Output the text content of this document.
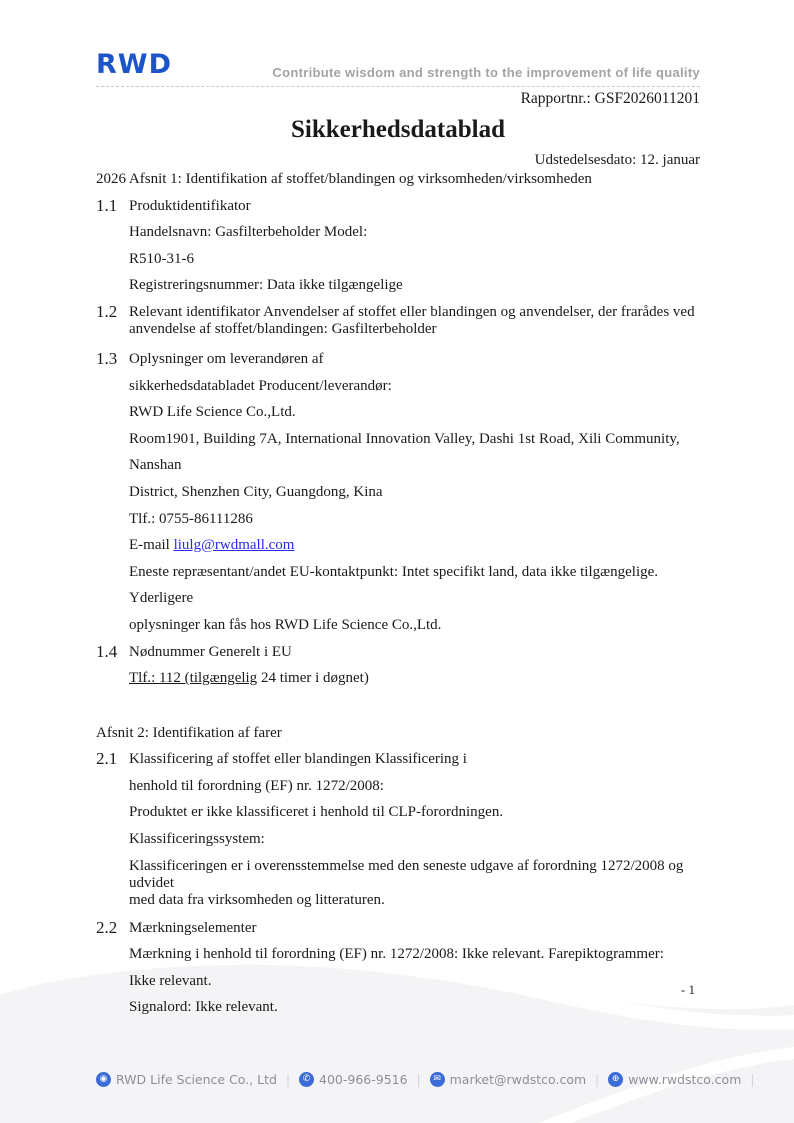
RWD	Contribute wisdom and strength to the improvement of life quality
Rapportnr.: GSF2026011201
Sikkerhedsdatablad
Udstedelsesdato: 12. januar
2026 Afsnit 1: Identifikation af stoffet/blandingen og virksomheden/virksomheden
1.1 Produktidentifikator
Handelsnavn: Gasfilterbeholder Model:
R510-31-6
Registreringsnummer: Data ikke tilgængelige
1.2 Relevant identifikator Anvendelser af stoffet eller blandingen og anvendelser, der frarådes ved
anvendelse af stoffet/blandingen: Gasfilterbeholder
1.3 Oplysninger om leverandøren af
sikkerhedsdatabladet Producent/leverandør:
RWD Life Science Co.,Ltd.
Room1901, Building 7A, International Innovation Valley, Dashi 1st Road, Xili Community, Nanshan
District, Shenzhen City, Guangdong, Kina
Tlf.: 0755-86111286
E-mail liulg@rwdmall.com
Eneste repræsentant/andet EU-kontaktpunkt: Intet specifikt land, data ikke tilgængelige. Yderligere
oplysninger kan fås hos RWD Life Science Co.,Ltd.
1.4 Nødnummer Generelt i EU
Tlf.: 112 (tilgængelig 24 timer i døgnet)
Afsnit 2: Identifikation af farer
2.1 Klassificering af stoffet eller blandingen Klassificering i
henhold til forordning (EF) nr. 1272/2008:
Produktet er ikke klassificeret i henhold til CLP-forordningen.
Klassificeringssystem:
Klassificeringen er i overensstemmelse med den seneste udgave af forordning 1272/2008 og udvidet
med data fra virksomheden og litteraturen.
2.2 Mærkningselementer
Mærkning i henhold til forordning (EF) nr. 1272/2008: Ikke relevant. Farepiktogrammer:
Ikke relevant.
Signalord: Ikke relevant.
- 1
◉ RWD Life Science Co., Ltd |	✆ 400-966-9516 |	✉ market@rwdstco.com |	⊕ www.rwdstco.com |
